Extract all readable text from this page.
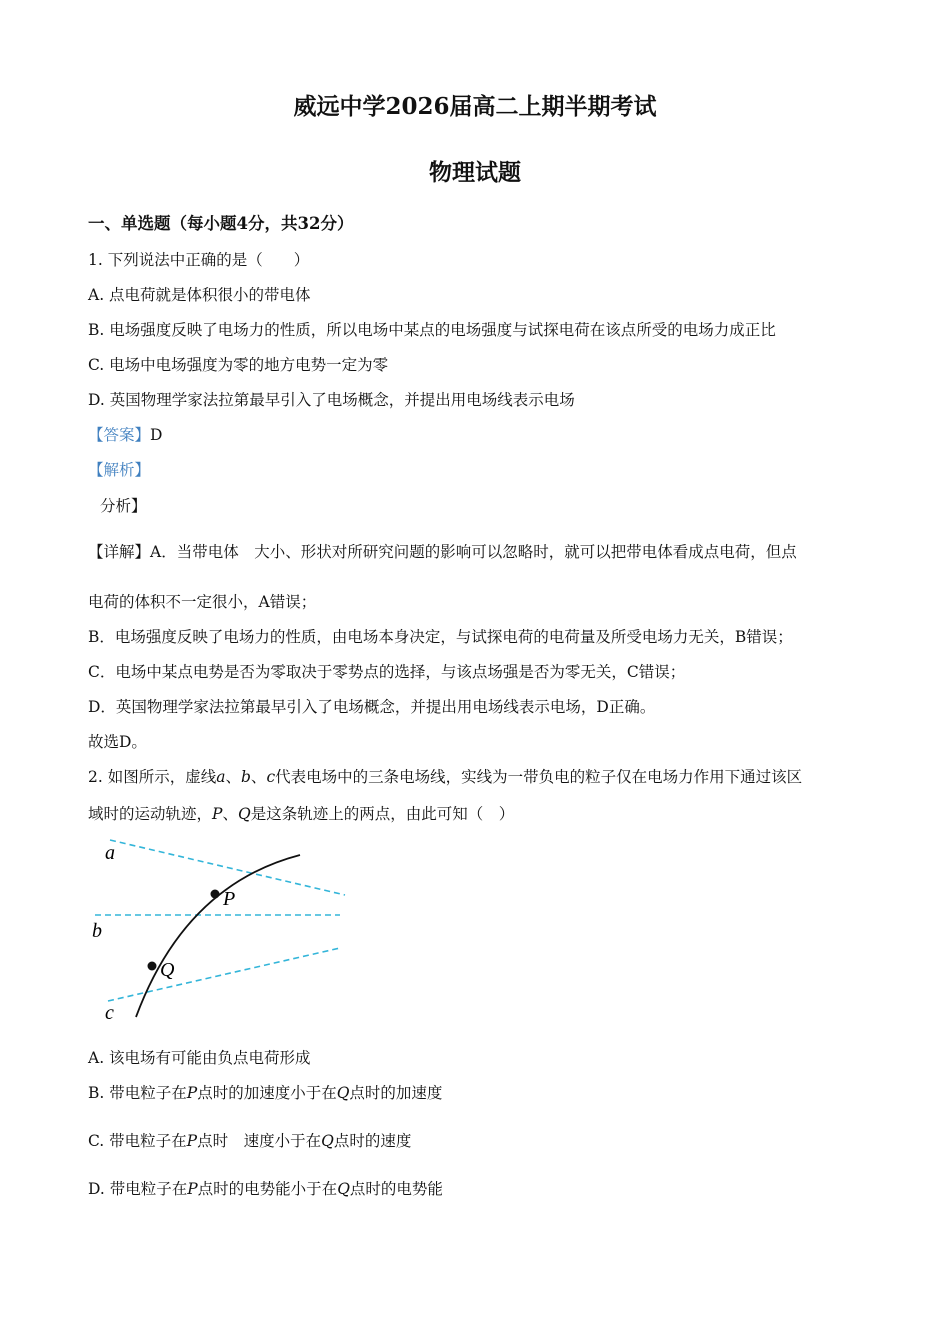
威远中学2026届高二上期半期考试
物理试题

一、单选题（每小题4分，共32分）

1. 下列说法中正确的是（　　）

A. 点电荷就是体积很小的带电体

B. 电场强度反映了电场力的性质，所以电场中某点的电场强度与试探电荷在该点所受的电场力成正比

C. 电场中电场强度为零的地方电势一定为零

D. 英国物理学家法拉第最早引入了电场概念，并提出用电场线表示电场

【答案】D

【解析】

分析】

【详解】A．当带电体　大小、形状对所研究问题的影响可以忽略时，就可以把带电体看成点电荷，但点

电荷的体积不一定很小，A错误；

B．电场强度反映了电场力的性质，由电场本身决定，与试探电荷的电荷量及所受电场力无关，B错误；

C．电场中某点电势是否为零取决于零势点的选择，与该点场强是否为零无关，C错误；

D．英国物理学家法拉第最早引入了电场概念，并提出用电场线表示电场，D正确。

故选D。

2. 如图所示，虚线a、b、c代表电场中的三条电场线，实线为一带负电的粒子仅在电场力作用下通过该区

域时的运动轨迹，P、Q是这条轨迹上的两点，由此可知（　）

a
b
c
P
Q

A. 该电场有可能由负点电荷形成

B. 带电粒子在P点时的加速度小于在Q点时的加速度

C. 带电粒子在P点时　速度小于在Q点时的速度

D. 带电粒子在P点时的电势能小于在Q点时的电势能
